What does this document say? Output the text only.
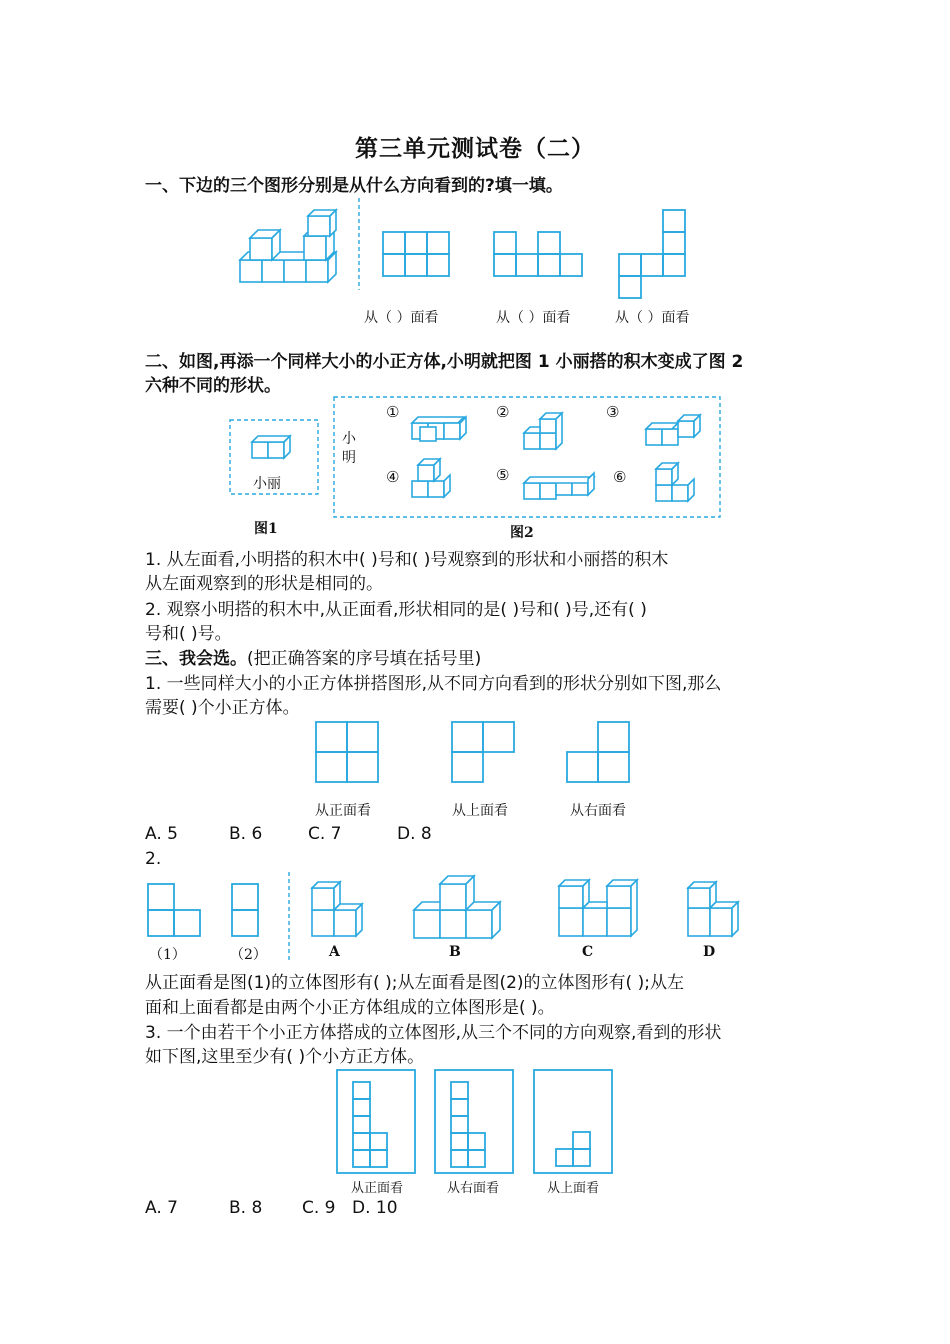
第三单元测试卷（二）
一、下边的三个图形分别是从什么方向看到的?填一填。
从（ ）面看	从（ ）面看	从（ ）面看
二、如图,再添一个同样大小的小正方体,小明就把图 1 小丽搭的积木变成了图 2
六种不同的形状。
小丽
图1
小
明
①	②	③
④	⑤	⑥
图2
1. 从左面看,小明搭的积木中( )号和( )号观察到的形状和小丽搭的积木
从左面观察到的形状是相同的。
2. 观察小明搭的积木中,从正面看,形状相同的是( )号和( )号,还有( )
号和( )号。
三、我会选。(把正确答案的序号填在括号里)
1. 一些同样大小的小正方体拼搭图形,从不同方向看到的形状分别如下图,那么
需要( )个小正方体。
从正面看	从上面看	从右面看
A. 5	B. 6	C. 7	D. 8
2.
（1）	（2）	A	B	C	D
从正面看是图(1)的立体图形有( );从左面看是图(2)的立体图形有( );从左
面和上面看都是由两个小正方体组成的立体图形是( )。
3. 一个由若干个小正方体搭成的立体图形,从三个不同的方向观察,看到的形状
如下图,这里至少有( )个小方正方体。
从正面看	从右面看	从上面看
A. 7	B. 8 C. 9 D. 10
